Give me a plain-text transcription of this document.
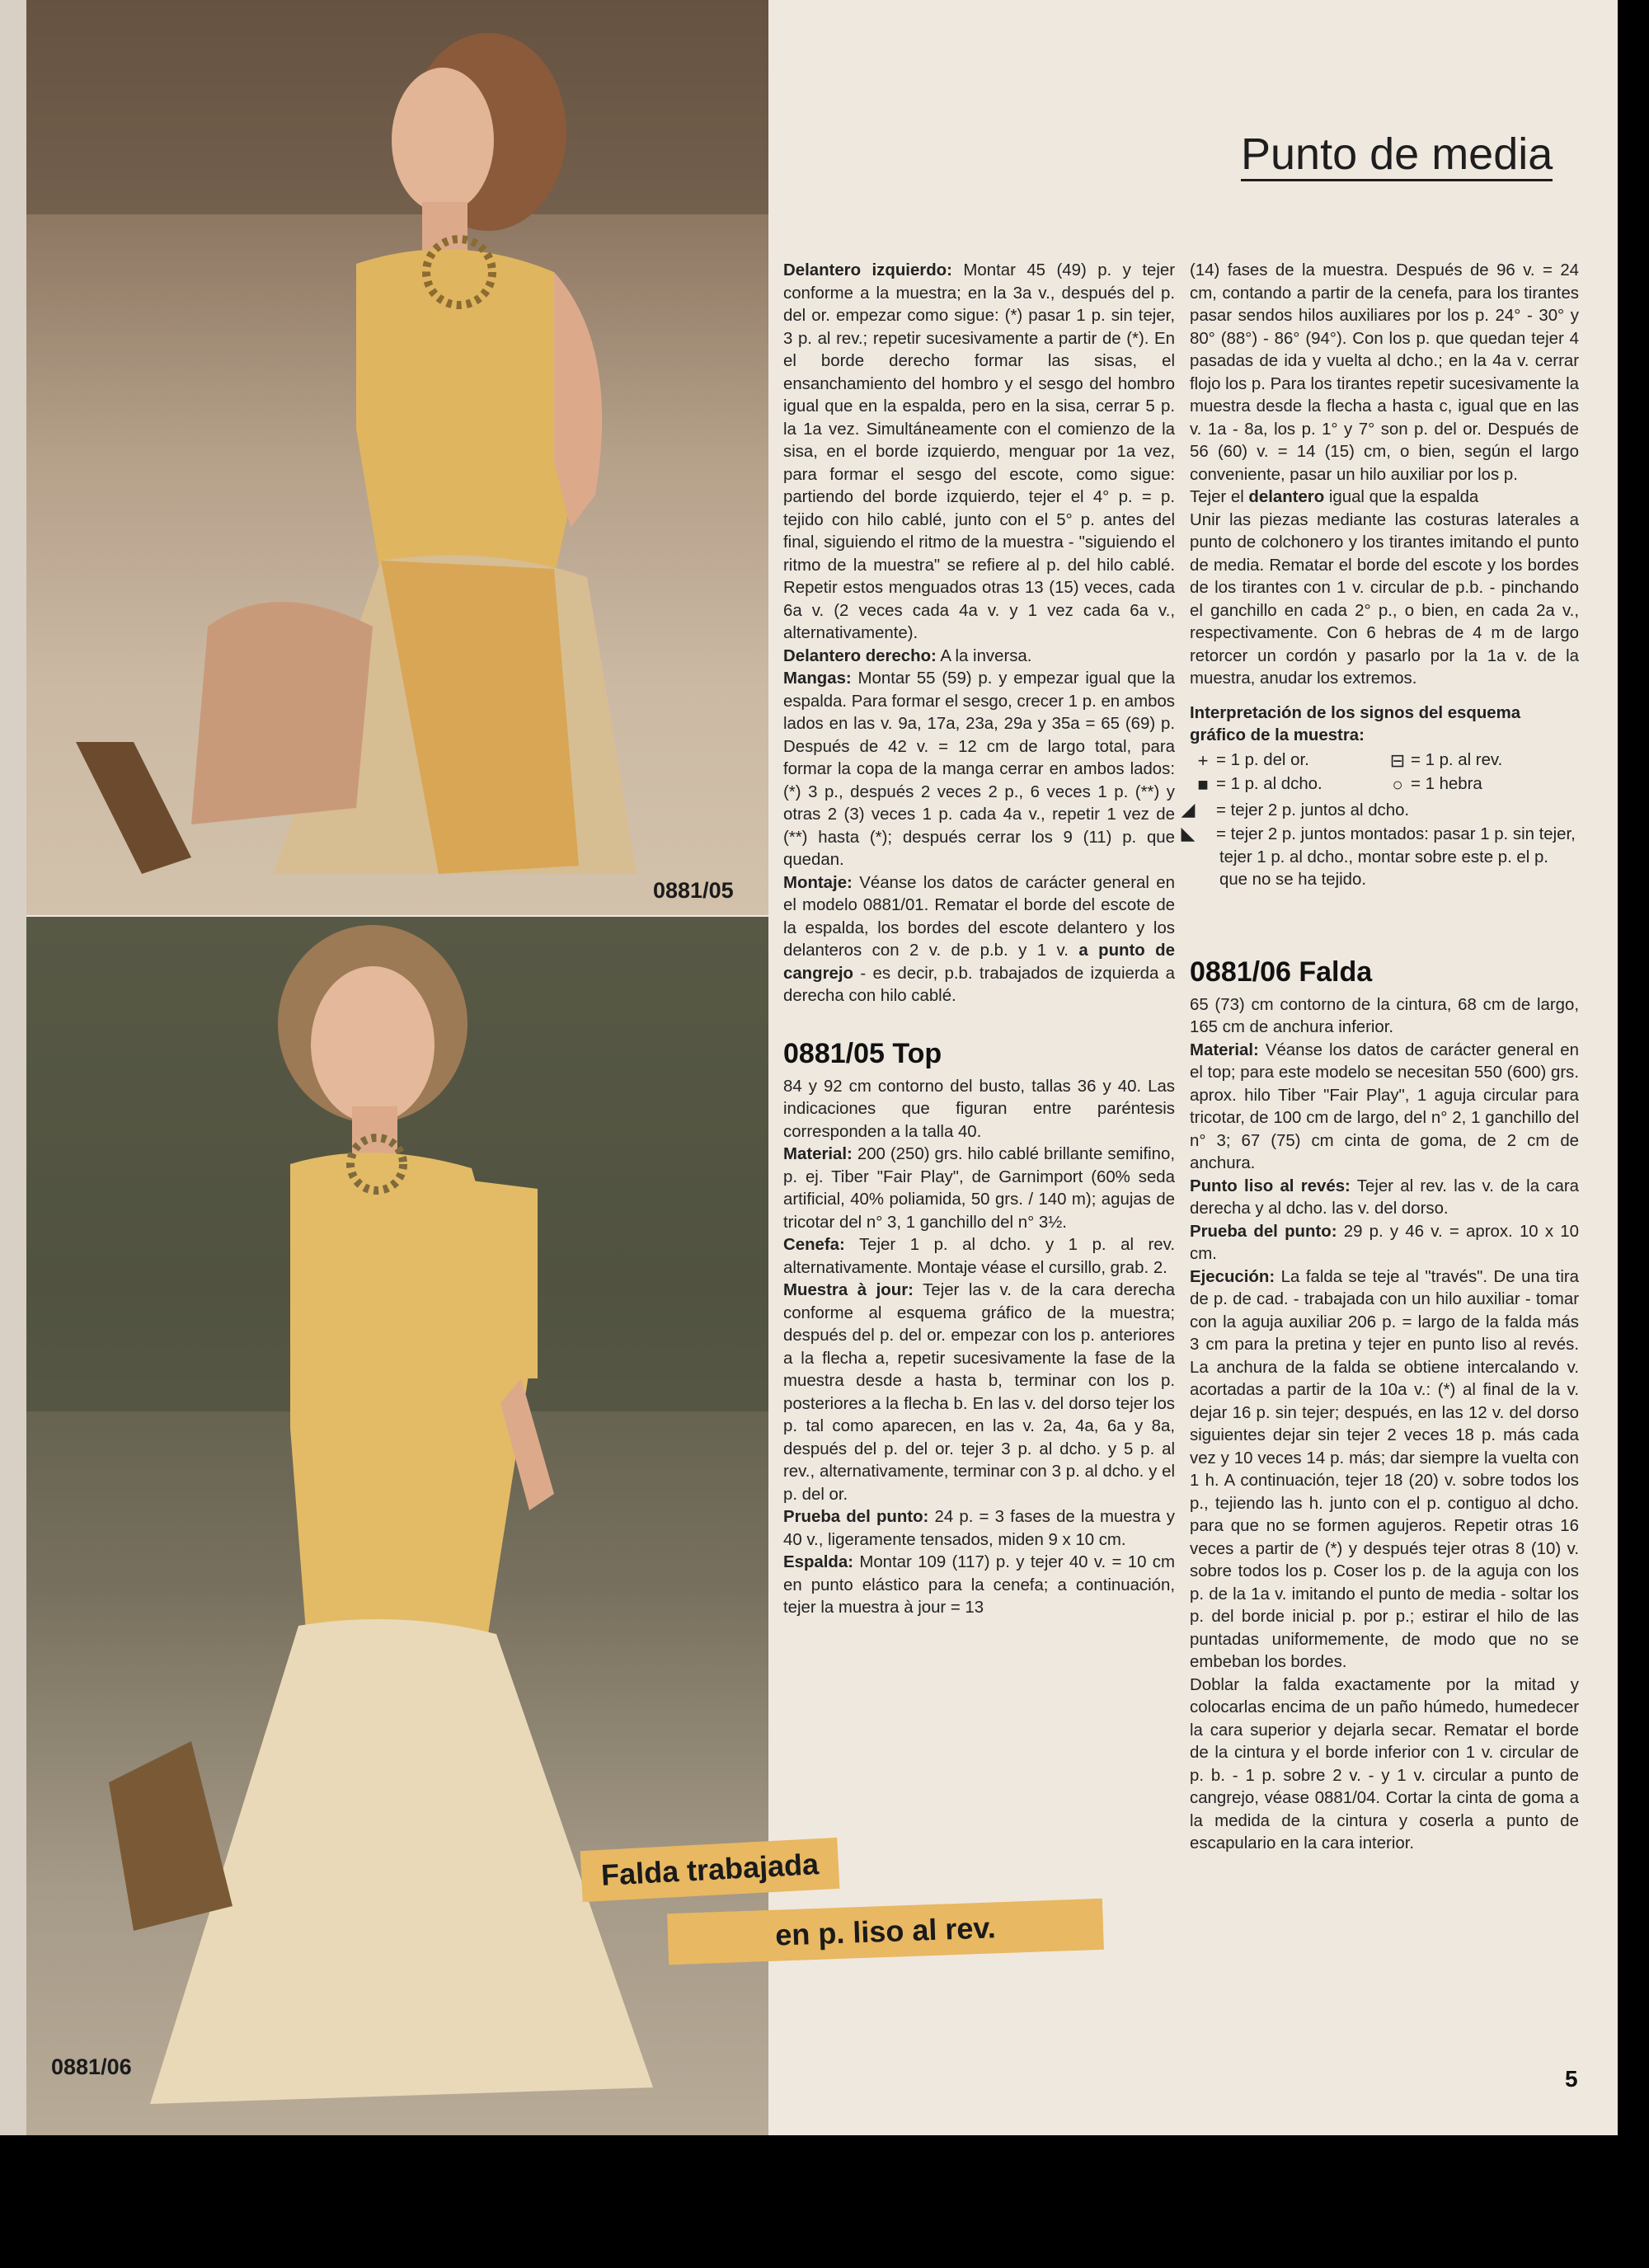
0881/05
0881/06
Falda trabajada
en p. liso al rev.
Punto de media

Delantero izquierdo: Montar 45 (49) p. y tejer conforme a la muestra; en la 3a v., después del p. del or. empezar como sigue: (*) pasar 1 p. sin tejer, 3 p. al rev.; repetir sucesivamente a partir de (*). En el borde derecho formar las sisas, el ensanchamiento del hombro y el sesgo del hombro igual que en la espalda, pero en la sisa, cerrar 5 p. la 1a vez. Simultáneamente con el comienzo de la sisa, en el borde izquierdo, menguar por 1a vez, para formar el sesgo del escote, como sigue: partiendo del borde izquierdo, tejer el 4° p. = p. tejido con hilo cablé, junto con el 5° p. antes del final, siguiendo el ritmo de la muestra - "siguiendo el ritmo de la muestra" se refiere al p. del hilo cablé. Repetir estos menguados otras 13 (15) veces, cada 6a v. (2 veces cada 4a v. y 1 vez cada 6a v., alternativamente).

Delantero derecho: A la inversa.

Mangas: Montar 55 (59) p. y empezar igual que la espalda. Para formar el sesgo, crecer 1 p. en ambos lados en las v. 9a, 17a, 23a, 29a y 35a = 65 (69) p. Después de 42 v. = 12 cm de largo total, para formar la copa de la manga cerrar en ambos lados: (*) 3 p., después 2 veces 2 p., 6 veces 1 p. (**) y otras 2 (3) veces 1 p. cada 4a v., repetir 1 vez de (**) hasta (*); después cerrar los 9 (11) p. que quedan.

Montaje: Véanse los datos de carácter general en el modelo 0881/01. Rematar el borde del escote de la espalda, los bordes del escote delantero y los delanteros con 2 v. de p.b. y 1 v. a punto de cangrejo - es decir, p.b. trabajados de izquierda a derecha con hilo cablé.

0881/05 Top

84 y 92 cm contorno del busto, tallas 36 y 40. Las indicaciones que figuran entre paréntesis corresponden a la talla 40.

Material: 200 (250) grs. hilo cablé brillante semifino, p. ej. Tiber "Fair Play", de Garnimport (60% seda artificial, 40% poliamida, 50 grs. / 140 m); agujas de tricotar del n° 3, 1 ganchillo del n° 3½.

Cenefa: Tejer 1 p. al dcho. y 1 p. al rev. alternativamente. Montaje véase el cursillo, grab. 2.

Muestra à jour: Tejer las v. de la cara derecha conforme al esquema gráfico de la muestra; después del p. del or. empezar con los p. anteriores a la flecha a, repetir sucesivamente la fase de la muestra desde a hasta b, terminar con los p. posteriores a la flecha b. En las v. del dorso tejer los p. tal como aparecen, en las v. 2a, 4a, 6a y 8a, después del p. del or. tejer 3 p. al dcho. y 5 p. al rev., alternativamente, terminar con 3 p. al dcho. y el p. del or.

Prueba del punto: 24 p. = 3 fases de la muestra y 40 v., ligeramente tensados, miden 9 x 10 cm.

Espalda: Montar 109 (117) p. y tejer 40 v. = 10 cm en punto elástico para la cenefa; a continuación, tejer la muestra à jour = 13

(14) fases de la muestra. Después de 96 v. = 24 cm, contando a partir de la cenefa, para los tirantes pasar sendos hilos auxiliares por los p. 24° - 30° y 80° (88°) - 86° (94°). Con los p. que quedan tejer 4 pasadas de ida y vuelta al dcho.; en la 4a v. cerrar flojo los p. Para los tirantes repetir sucesivamente la muestra desde la flecha a hasta c, igual que en las v. 1a - 8a, los p. 1° y 7° son p. del or. Después de 56 (60) v. = 14 (15) cm, o bien, según el largo conveniente, pasar un hilo auxiliar por los p.

Tejer el delantero igual que la espalda

Unir las piezas mediante las costuras laterales a punto de colchonero y los tirantes imitando el punto de media. Rematar el borde del escote y los bordes de los tirantes con 1 v. circular de p.b. - pinchando el ganchillo en cada 2° p., o bien, en cada 2a v., respectivamente. Con 6 hebras de 4 m de largo retorcer un cordón y pasarlo por la 1a v. de la muestra, anudar los extremos.

Interpretación de los signos del esquema gráfico de la muestra:
+ = 1 p. del or.	⊟ = 1 p. al rev.
■ = 1 p. al dcho.	○ = 1 hebra
◢ = tejer 2 p. juntos al dcho.
◣ = tejer 2 p. juntos montados: pasar 1 p. sin tejer, tejer 1 p. al dcho., montar sobre este p. el p. que no se ha tejido.
0881/06 Falda

65 (73) cm contorno de la cintura, 68 cm de largo, 165 cm de anchura inferior.

Material: Véanse los datos de carácter general en el top; para este modelo se necesitan 550 (600) grs. aprox. hilo Tiber "Fair Play", 1 aguja circular para tricotar, de 100 cm de largo, del n° 2, 1 ganchillo del n° 3; 67 (75) cm cinta de goma, de 2 cm de anchura.

Punto liso al revés: Tejer al rev. las v. de la cara derecha y al dcho. las v. del dorso.

Prueba del punto: 29 p. y 46 v. = aprox. 10 x 10 cm.

Ejecución: La falda se teje al "través". De una tira de p. de cad. - trabajada con un hilo auxiliar - tomar con la aguja auxiliar 206 p. = largo de la falda más 3 cm para la pretina y tejer en punto liso al revés. La anchura de la falda se obtiene intercalando v. acortadas a partir de la 10a v.: (*) al final de la v. dejar 16 p. sin tejer; después, en las 12 v. del dorso siguientes dejar sin tejer 2 veces 18 p. más cada vez y 10 veces 14 p. más; dar siempre la vuelta con 1 h. A continuación, tejer 18 (20) v. sobre todos los p., tejiendo las h. junto con el p. contiguo al dcho. para que no se formen agujeros. Repetir otras 16 veces a partir de (*) y después tejer otras 8 (10) v. sobre todos los p. Coser los p. de la aguja con los p. de la 1a v. imitando el punto de media - soltar los p. del borde inicial p. por p.; estirar el hilo de las puntadas uniformemente, de modo que no se embeban los bordes.

Doblar la falda exactamente por la mitad y colocarlas encima de un paño húmedo, humedecer la cara superior y dejarla secar. Rematar el borde de la cintura y el borde inferior con 1 v. circular de p. b. - 1 p. sobre 2 v. - y 1 v. circular a punto de cangrejo, véase 0881/04. Cortar la cinta de goma a la medida de la cintura y coserla a punto de escapulario en la cara interior.

5
